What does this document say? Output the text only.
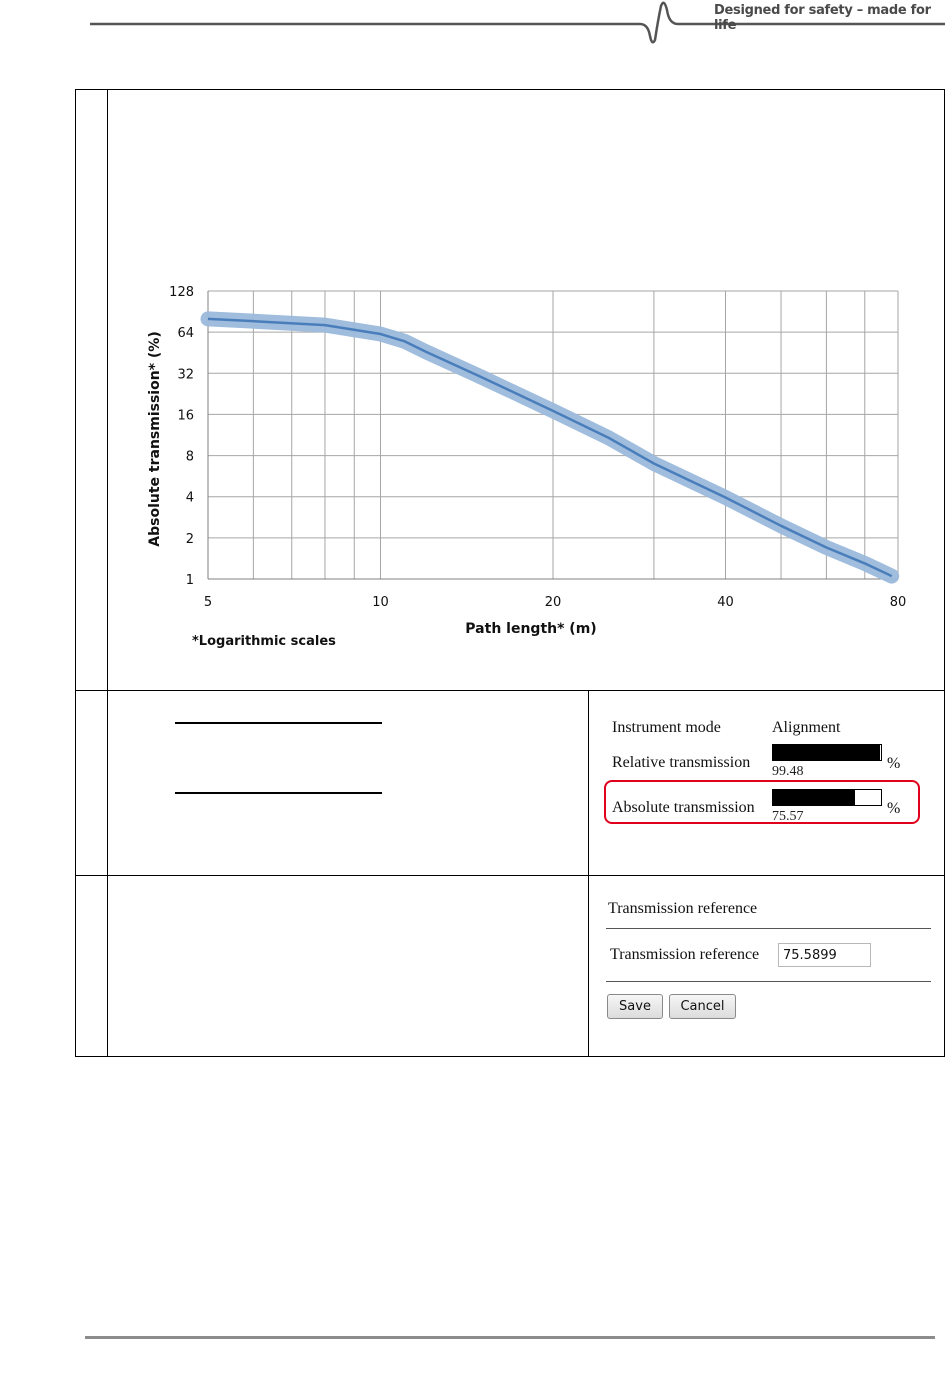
Designed for safety – made for life
1
2
4
8
16
32
64
128
5	10	20	40	80
Path length* (m)
Absolute transmission* (%)
*Logarithmic scales
Instrument mode	Alignment
Relative transmission
99.48	%
Absolute transmission
75.57	%
Transmission reference
Transmission reference
75.5899
Save	Cancel
